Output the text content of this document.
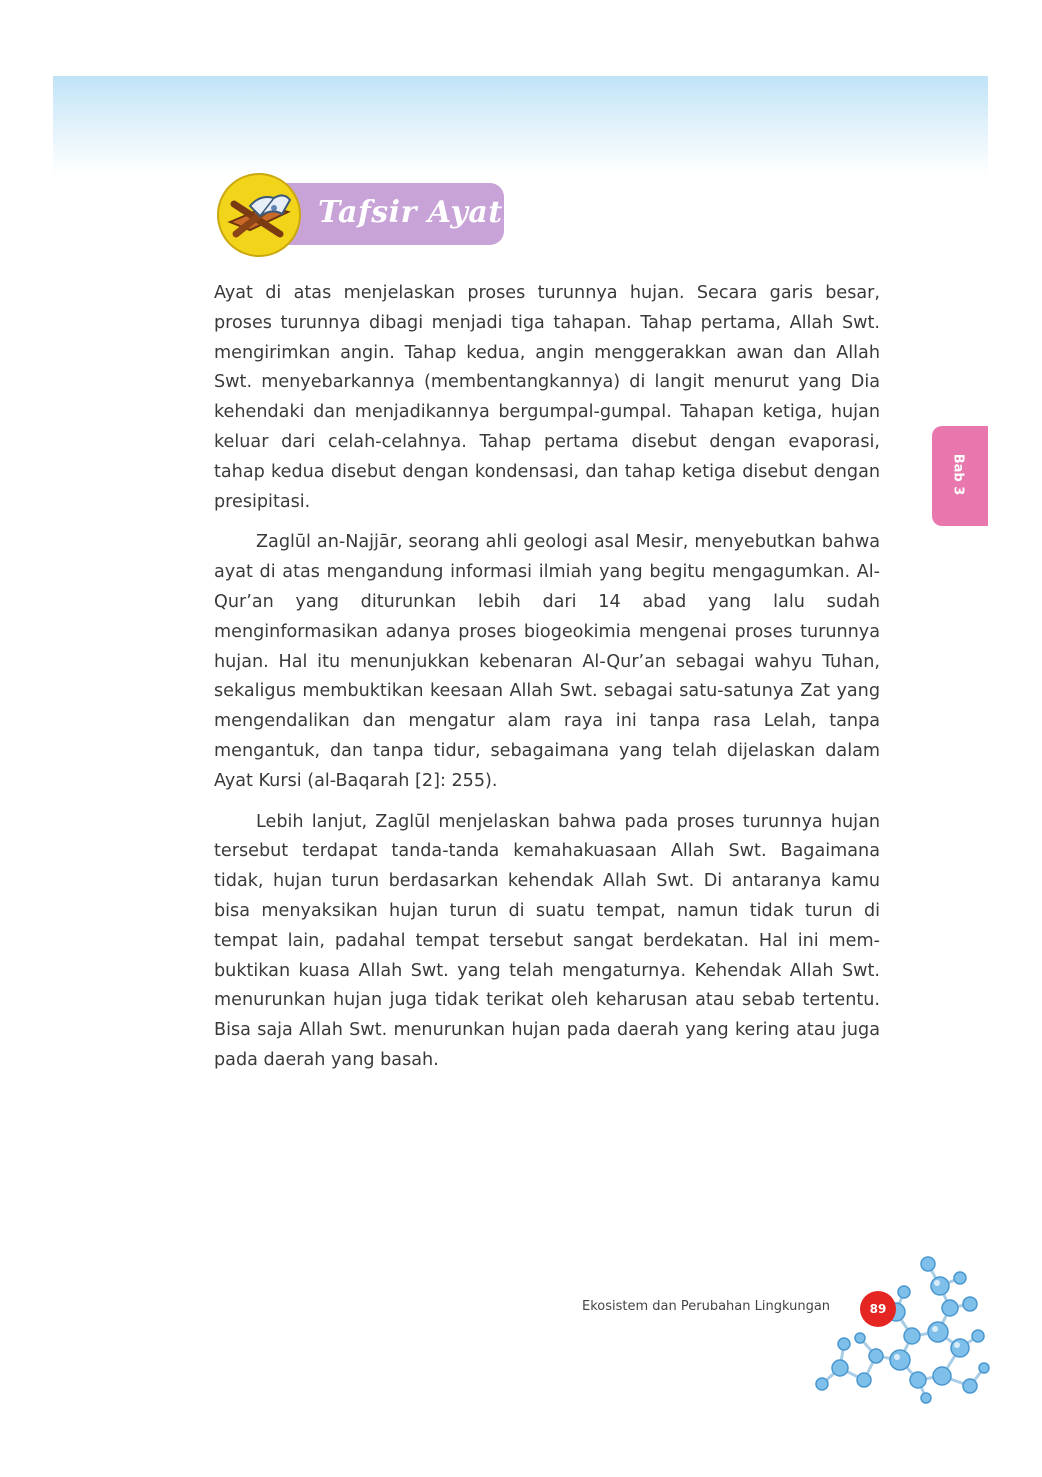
Tafsir Ayat

Ayat di atas menjelaskan proses turunnya hujan. Secara garis besar, proses turunnya dibagi menjadi tiga tahapan. Tahap pertama, Allah Swt. mengirimkan angin. Tahap kedua, angin menggerakkan awan dan Allah Swt. menyebarkannya (membentangkannya) di langit menurut yang Dia kehendaki dan menjadikannya bergumpal-gumpal. Tahapan ketiga, hujan keluar dari celah-celahnya. Tahap pertama disebut dengan evaporasi, tahap kedua disebut dengan kondensasi, dan tahap ketiga disebut dengan presipitasi.

Zaglūl an-Najjār, seorang ahli geologi asal Mesir, menyebutkan bahwa ayat di atas mengandung informasi ilmiah yang begitu mengagumkan. Al-Qur’an yang diturunkan lebih dari 14 abad yang lalu sudah menginformasikan adanya proses biogeokimia mengenai proses turunnya hujan. Hal itu menunjukkan kebenaran Al-Qur’an sebagai wahyu Tuhan, sekaligus membuktikan keesaan Allah Swt. sebagai satu-satunya Zat yang mengendalikan dan mengatur alam raya ini tanpa rasa Lelah, tanpa mengantuk, dan tanpa tidur, sebagaimana yang telah dijelaskan dalam Ayat Kursi (al-Baqarah [2]: 255).

Lebih lanjut, Zaglūl menjelaskan bahwa pada proses turunnya hujan tersebut terdapat tanda-tanda kemahakuasaan Allah Swt. Bagaimana tidak, hujan turun berdasarkan kehendak Allah Swt. Di antaranya kamu bisa menyaksikan hujan turun di suatu tempat, namun tidak turun di tempat lain, padahal tempat tersebut sangat berdekatan. Hal ini membuktikan kuasa Allah Swt. yang telah mengaturnya. Kehendak Allah Swt. menurunkan hujan juga tidak terikat oleh keharusan atau sebab tertentu. Bisa saja Allah Swt. menurunkan hujan pada daerah yang kering atau juga pada daerah yang basah.

Bab 3
Ekosistem dan Perubahan Lingkungan	89
